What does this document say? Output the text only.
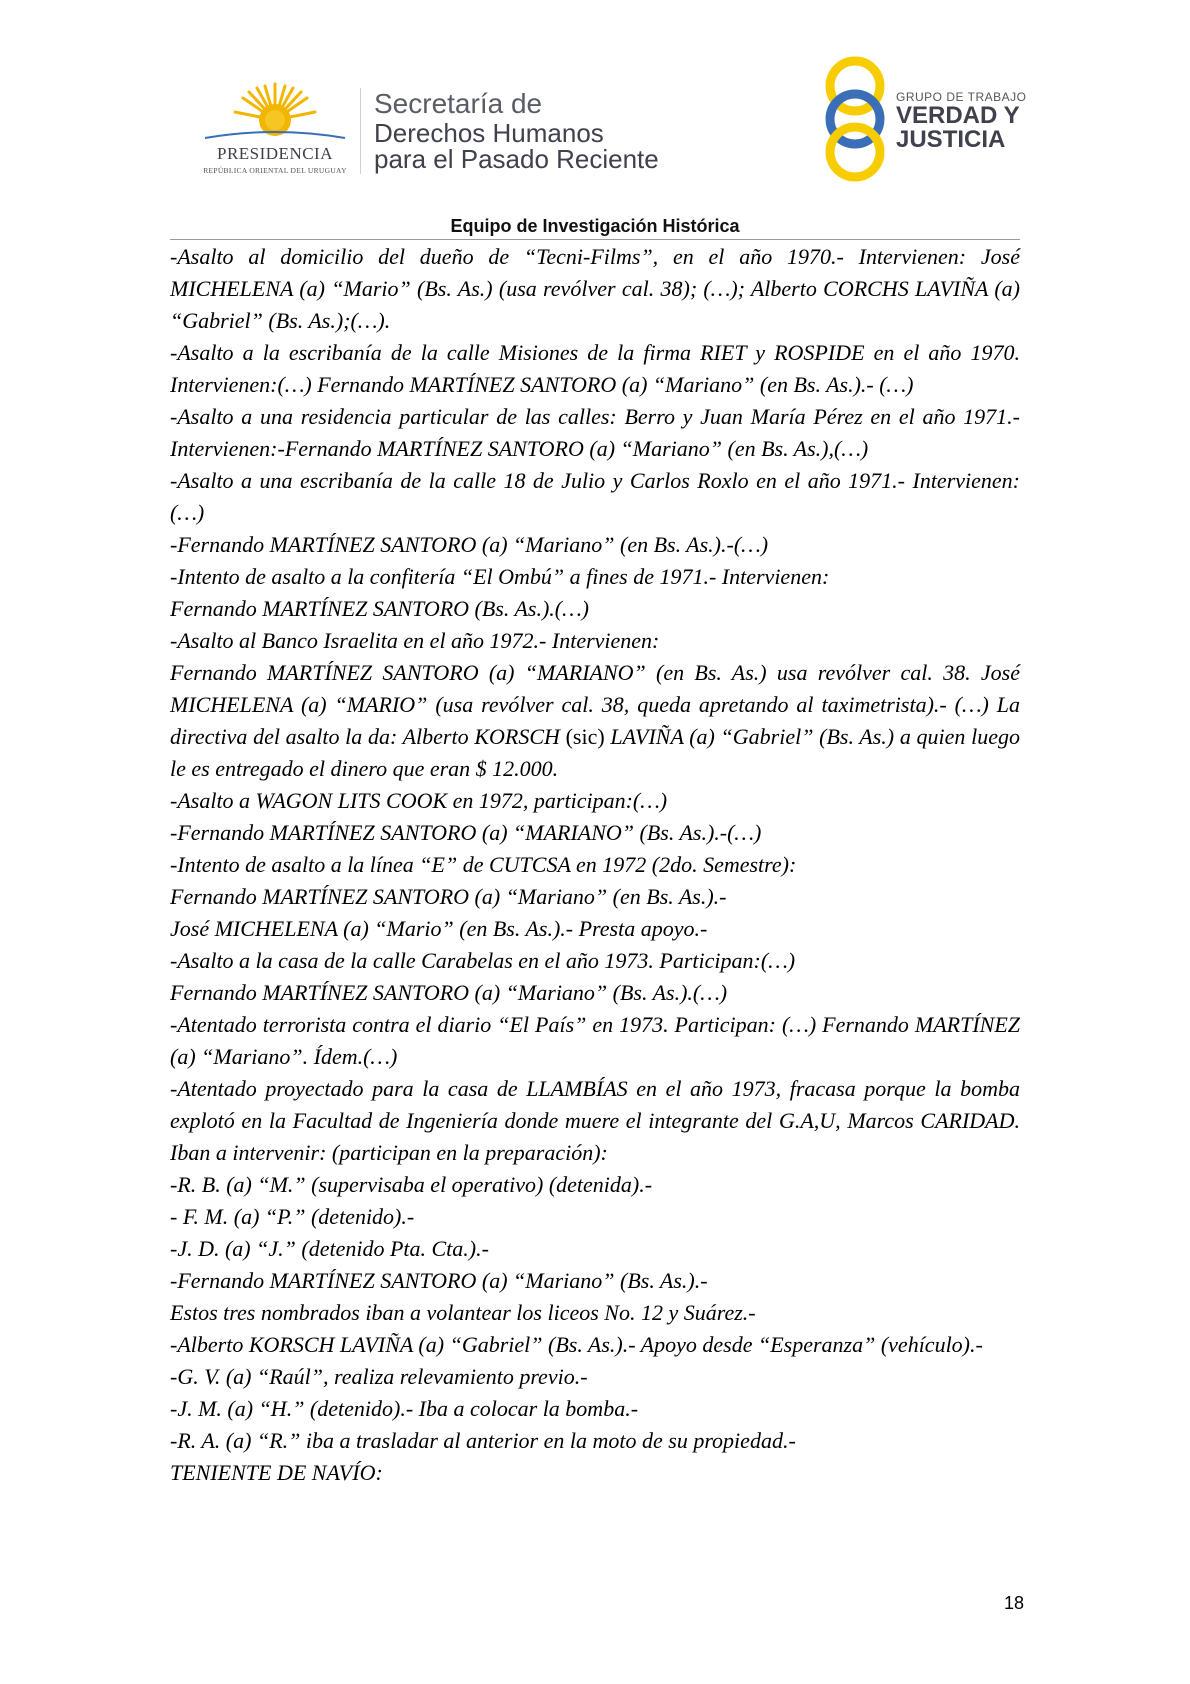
PRESIDENCIA
REPÚBLICA ORIENTAL DEL URUGUAY
Secretaría de
Derechos Humanos
para el Pasado Reciente
GRUPO DE TRABAJO
VERDAD Y
JUSTICIA
Equipo de Investigación Histórica

-Asalto al domicilio del dueño de “Tecni-Films”, en el año 1970.- Intervienen: José MICHELENA (a) “Mario” (Bs. As.) (usa revólver cal. 38); (…); Alberto CORCHS LAVIÑA (a) “Gabriel” (Bs. As.);(…).

-Asalto a la escribanía de la calle Misiones de la firma RIET y ROSPIDE en el año 1970. Intervienen:(…) Fernando MARTÍNEZ SANTORO (a) “Mariano” (en Bs. As.).- (…)

-Asalto a una residencia particular de las calles: Berro y Juan María Pérez en el año 1971.- Intervienen:-Fernando MARTÍNEZ SANTORO (a) “Mariano” (en Bs. As.),(…)

-Asalto a una escribanía de la calle 18 de Julio y Carlos Roxlo en el año 1971.- Intervienen:(…)

-Fernando MARTÍNEZ SANTORO (a) “Mariano” (en Bs. As.).-(…)

-Intento de asalto a la confitería “El Ombú” a fines de 1971.- Intervienen:

Fernando MARTÍNEZ SANTORO (Bs. As.).(…)

-Asalto al Banco Israelita en el año 1972.- Intervienen:

Fernando MARTÍNEZ SANTORO (a) “MARIANO” (en Bs. As.) usa revólver cal. 38. José MICHELENA (a) “MARIO” (usa revólver cal. 38, queda apretando al taximetrista).- (…) La directiva del asalto la da: Alberto KORSCH (sic) LAVIÑA (a) “Gabriel” (Bs. As.) a quien luego le es entregado el dinero que eran $ 12.000.

-Asalto a WAGON LITS COOK en 1972, participan:(…)

-Fernando MARTÍNEZ SANTORO (a) “MARIANO” (Bs. As.).-(…)

-Intento de asalto a la línea “E” de CUTCSA en 1972 (2do. Semestre):

Fernando MARTÍNEZ SANTORO (a) “Mariano” (en Bs. As.).-

José MICHELENA (a) “Mario” (en Bs. As.).- Presta apoyo.-

-Asalto a la casa de la calle Carabelas en el año 1973. Participan:(…)

Fernando MARTÍNEZ SANTORO (a) “Mariano” (Bs. As.).(…)

-Atentado terrorista contra el diario “El País” en 1973. Participan: (…) Fernando MARTÍNEZ (a) “Mariano”. Ídem.(…)

-Atentado proyectado para la casa de LLAMBÍAS en el año 1973, fracasa porque la bomba explotó en la Facultad de Ingeniería donde muere el integrante del G.A,U, Marcos CARIDAD. Iban a intervenir: (participan en la preparación):

-R. B. (a) “M.” (supervisaba el operativo) (detenida).-

- F. M. (a) “P.” (detenido).-

-J. D. (a) “J.” (detenido Pta. Cta.).-

-Fernando MARTÍNEZ SANTORO (a) “Mariano” (Bs. As.).-

Estos tres nombrados iban a volantear los liceos No. 12 y Suárez.-

-Alberto KORSCH LAVIÑA (a) “Gabriel” (Bs. As.).- Apoyo desde “Esperanza” (vehículo).-

-G. V. (a) “Raúl”, realiza relevamiento previo.-

-J. M. (a) “H.” (detenido).- Iba a colocar la bomba.-

-R. A. (a) “R.” iba a trasladar al anterior en la moto de su propiedad.-

TENIENTE DE NAVÍO:

18
